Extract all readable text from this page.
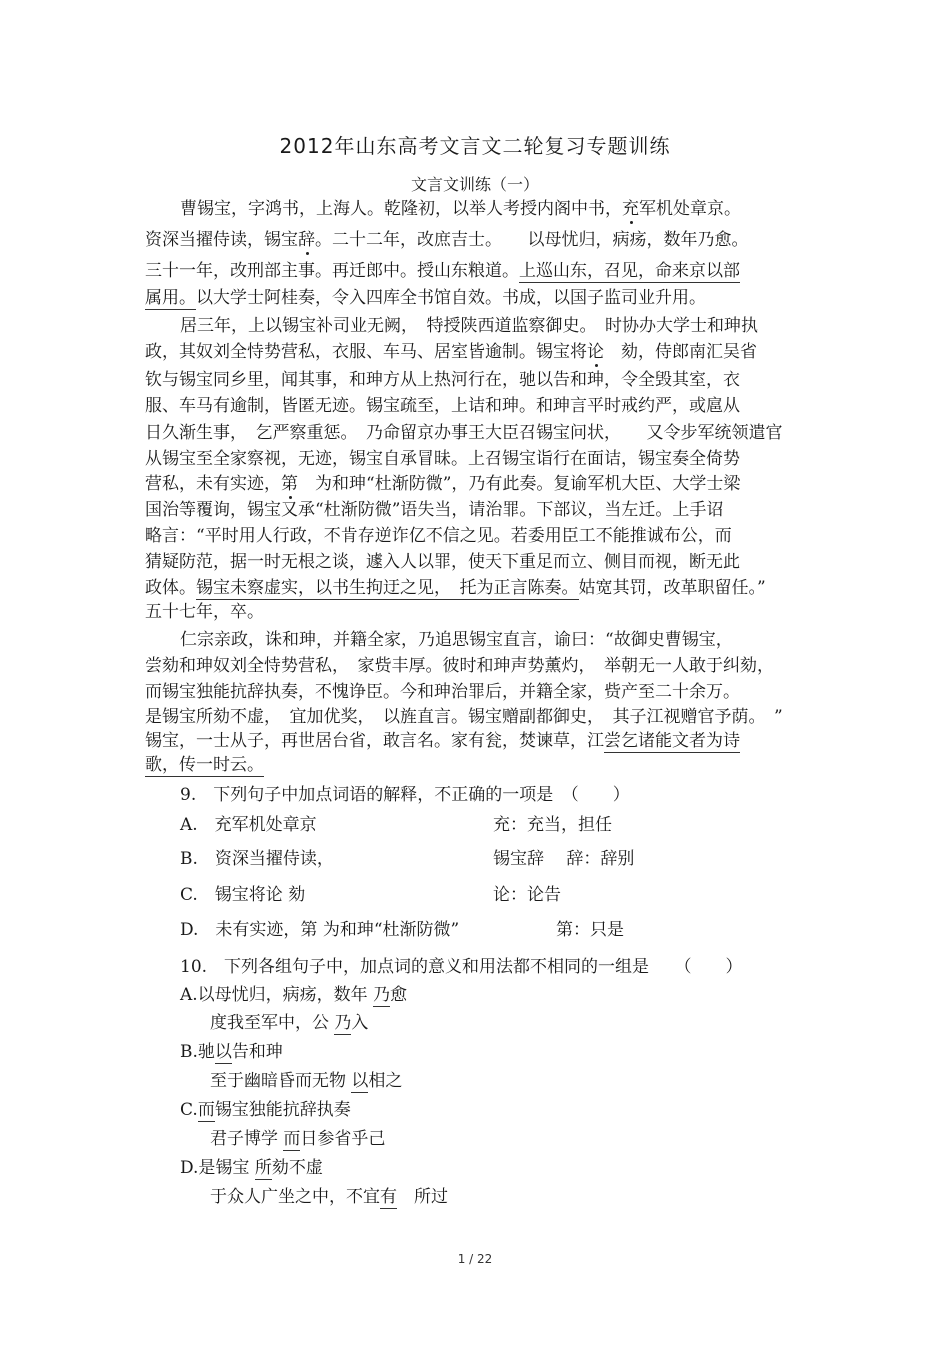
2012年山东高考文言文二轮复习专题训练
文言文训练（一）
曹锡宝，字鸿书，上海人。乾隆初，以举人考授内阁中书，充军机处章京。
资深当擢侍读，锡宝辞。二十二年，改庶吉士。　　以母忧归，病疡，数年乃愈。
三十一年，改刑部主事。再迁郎中。授山东粮道。上巡山东，召见，命来京以部
属用。以大学士阿桂奏，令入四库全书馆自效。书成，以国子监司业升用。
居三年，上以锡宝补司业无阙，　特授陕西道监察御史。　时协办大学士和珅执
政，其奴刘全恃势营私，衣服、车马、居室皆逾制。锡宝将论　劾，侍郎南汇吴省
钦与锡宝同乡里，闻其事，和珅方从上热河行在，驰以告和珅，令全毁其室，衣
服、车马有逾制，皆匿无迹。锡宝疏至，上诘和珅。和珅言平时戒约严，或扈从
日久渐生事，　乞严察重惩。　乃命留京办事王大臣召锡宝问状，　　又令步军统领遣官
从锡宝至全家察视，无迹，锡宝自承冒昧。上召锡宝诣行在面诘，锡宝奏全倚势
营私，未有实迹，第　为和珅“杜渐防微”，乃有此奏。复谕军机大臣、大学士梁
国治等覆询，锡宝又承“杜渐防微”语失当，请治罪。下部议，当左迁。上手诏
略言：“平时用人行政，不肯存逆诈亿不信之见。若委用臣工不能推诚布公，而
猜疑防范，据一时无根之谈，遽入人以罪，使天下重足而立、侧目而视，断无此
政体。锡宝未察虚实，以书生拘迂之见，　托为正言陈奏。姑宽其罚，改革职留任。”
五十七年，卒。
仁宗亲政，诛和珅，并籍全家，乃追思锡宝直言，谕曰：“故御史曹锡宝，
尝劾和珅奴刘全恃势营私，　家赀丰厚。彼时和珅声势薰灼，　举朝无一人敢于纠劾，
而锡宝独能抗辞执奏，不愧诤臣。今和珅治罪后，并籍全家，赀产至二十余万。
是锡宝所劾不虚，　宜加优奖，　以旌直言。锡宝赠副都御史，　其子江视赠官予荫。　”
锡宝，一士从子，再世居台省，敢言名。家有瓮，焚谏草，江尝乞诸能文者为诗
歌，传一时云。
9.　下列句子中加点词语的解释，不正确的一项是　（　　）
A.　充军机处章京	充：充当，担任
B.　资深当擢侍读，	锡宝辞　 辞：辞别
C.　锡宝将论 劾	论：论告
D.　未有实迹，第 为和珅“杜渐防微”	第：只是
10.　下列各组句子中，加点词的意义和用法都不相同的一组是　　（　　）
A.以母忧归，病疡，数年 乃愈
度我至军中，公 乃入
B.驰以告和珅
至于幽暗昏而无物 以相之
C.而锡宝独能抗辞执奏
君子博学 而日参省乎己
D.是锡宝 所劾不虚
于众人广坐之中，不宜有　所过
1 / 22
